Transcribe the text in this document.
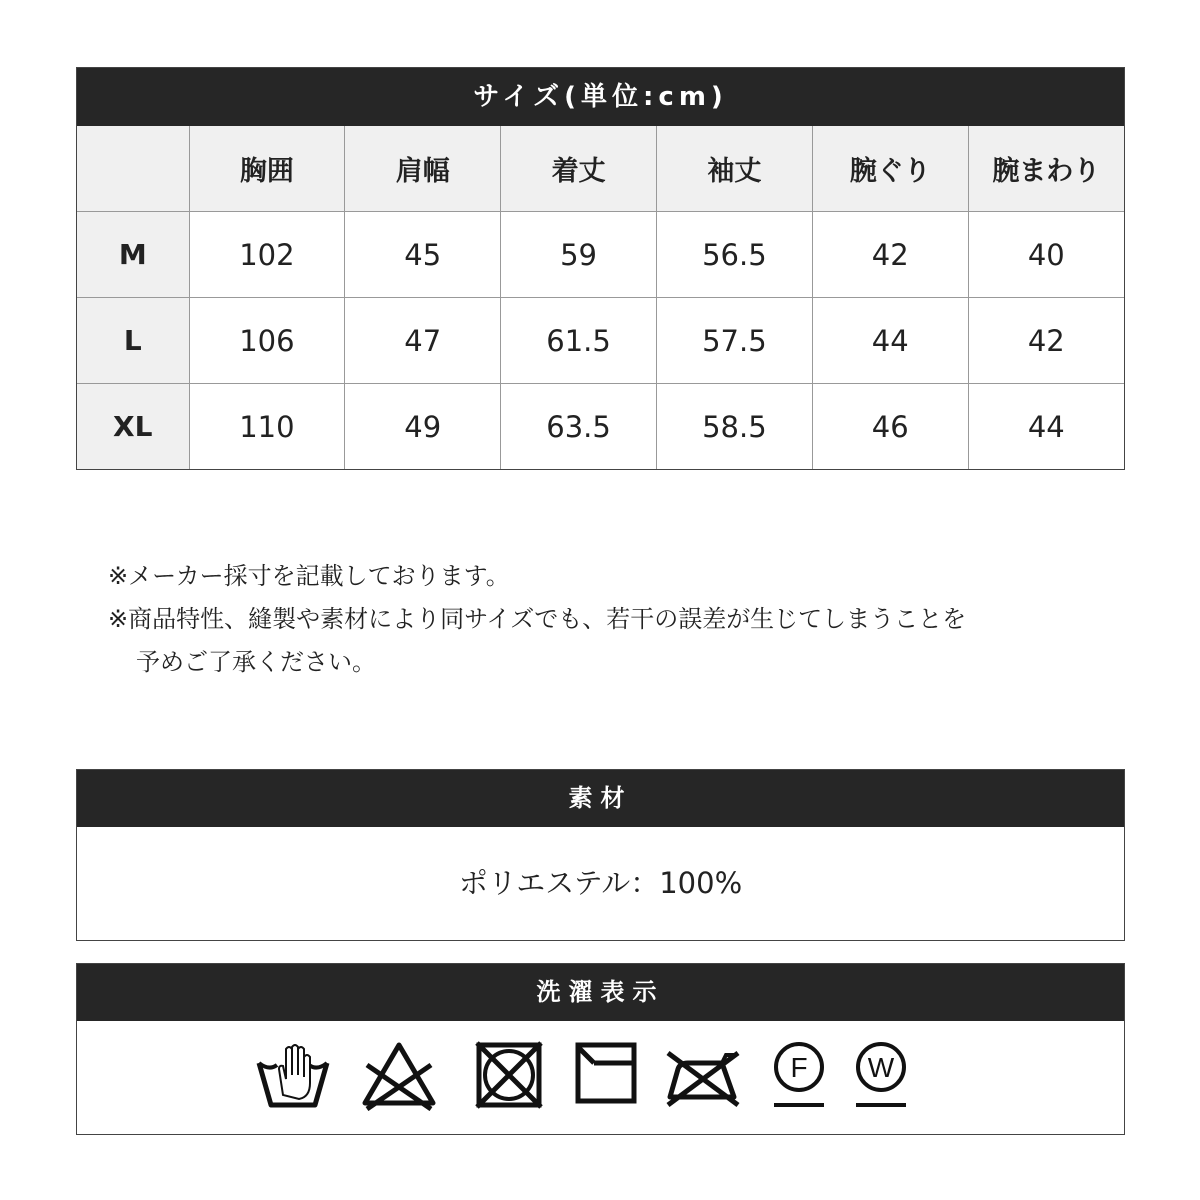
サイズ(単位:cm)
	胸囲	肩幅	着丈	袖丈	腕ぐり	腕まわり
M	102	45	59	56.5	42	40
L	106	47	61.5	57.5	44	42
XL	110	49	63.5	58.5	46	44
※メーカー採寸を記載しております。
※商品特性、縫製や素材により同サイズでも、若干の誤差が生じてしまうことを
予めご了承ください。
素材
ポリエステル：100%
洗濯表示
F W
